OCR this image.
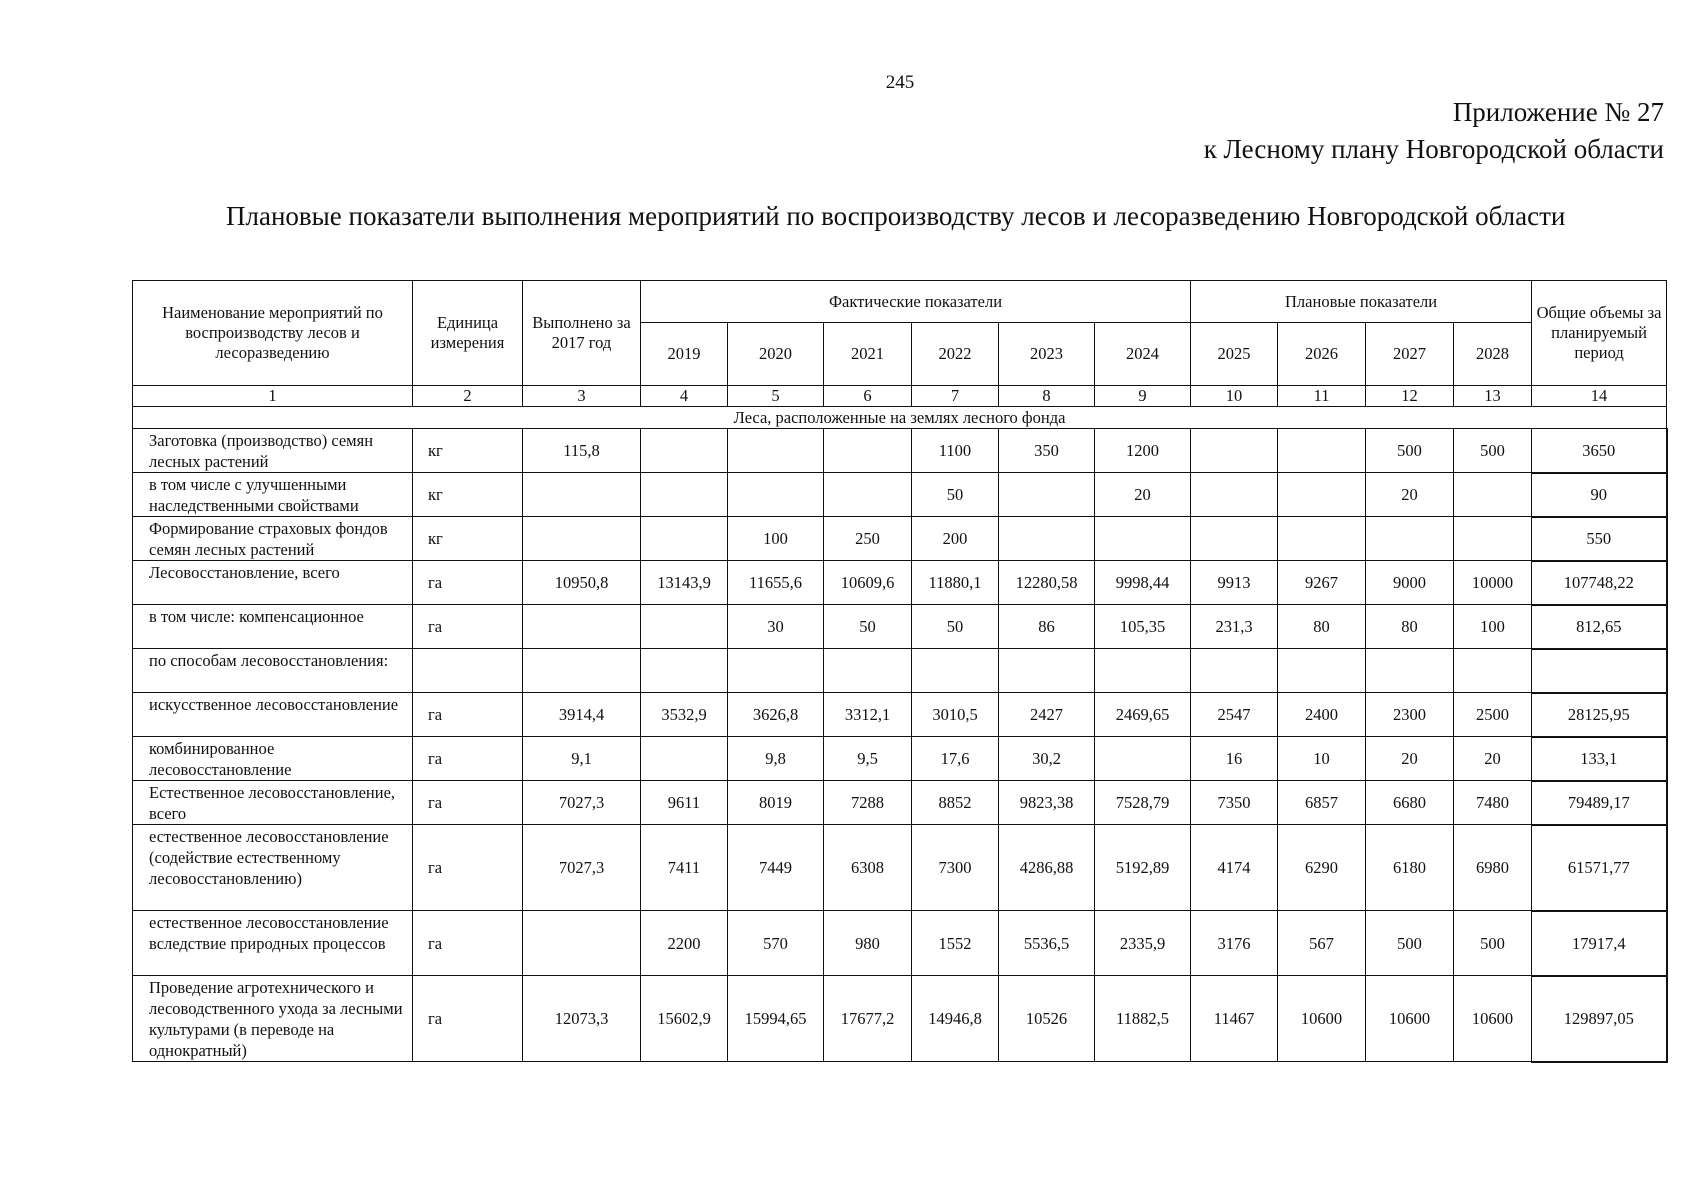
245
Приложение № 27
к Лесному плану Новгородской области
Плановые показатели выполнения мероприятий по воспроизводству лесов и лесоразведению Новгородской области
Наименование мероприятий по воспроизводству лесов и лесоразведению	Единица измерения	Выполнено за 2017 год	Фактические показатели						Плановые показатели				Общие объемы за планируемый период
			2019	2020	2021	2022	2023	2024	2025	2026	2027	2028	
1	2	3	4	5	6	7	8	9	10	11	12	13	14
Леса, расположенные на землях лесного фонда													
Заготовка (производство) семян лесных растений	кг	115,8				1100	350	1200			500	500	3650
в том числе с улучшенными наследственными свойствами	кг					50		20			20		90
Формирование страховых фондов семян лесных растений	кг			100	250	200							550
Лесовосстановление, всего	га	10950,8	13143,9	11655,6	10609,6	11880,1	12280,58	9998,44	9913	9267	9000	10000	107748,22
в том числе: компенсационное	га			30	50	50	86	105,35	231,3	80	80	100	812,65
по способам лесовосстановления:													
искусственное лесовосстановление	га	3914,4	3532,9	3626,8	3312,1	3010,5	2427	2469,65	2547	2400	2300	2500	28125,95
комбинированное лесовосстановление	га	9,1		9,8	9,5	17,6	30,2		16	10	20	20	133,1
Естественное лесовосстановление, всего	га	7027,3	9611	8019	7288	8852	9823,38	7528,79	7350	6857	6680	7480	79489,17
естественное лесовосстановление (содействие естественному лесовосстановлению)	га	7027,3	7411	7449	6308	7300	4286,88	5192,89	4174	6290	6180	6980	61571,77
естественное лесовосстановление вследствие природных процессов	га		2200	570	980	1552	5536,5	2335,9	3176	567	500	500	17917,4
Проведение агротехнического и лесоводственного ухода за лесными культурами (в переводе на однократный)	га	12073,3	15602,9	15994,65	17677,2	14946,8	10526	11882,5	11467	10600	10600	10600	129897,05
